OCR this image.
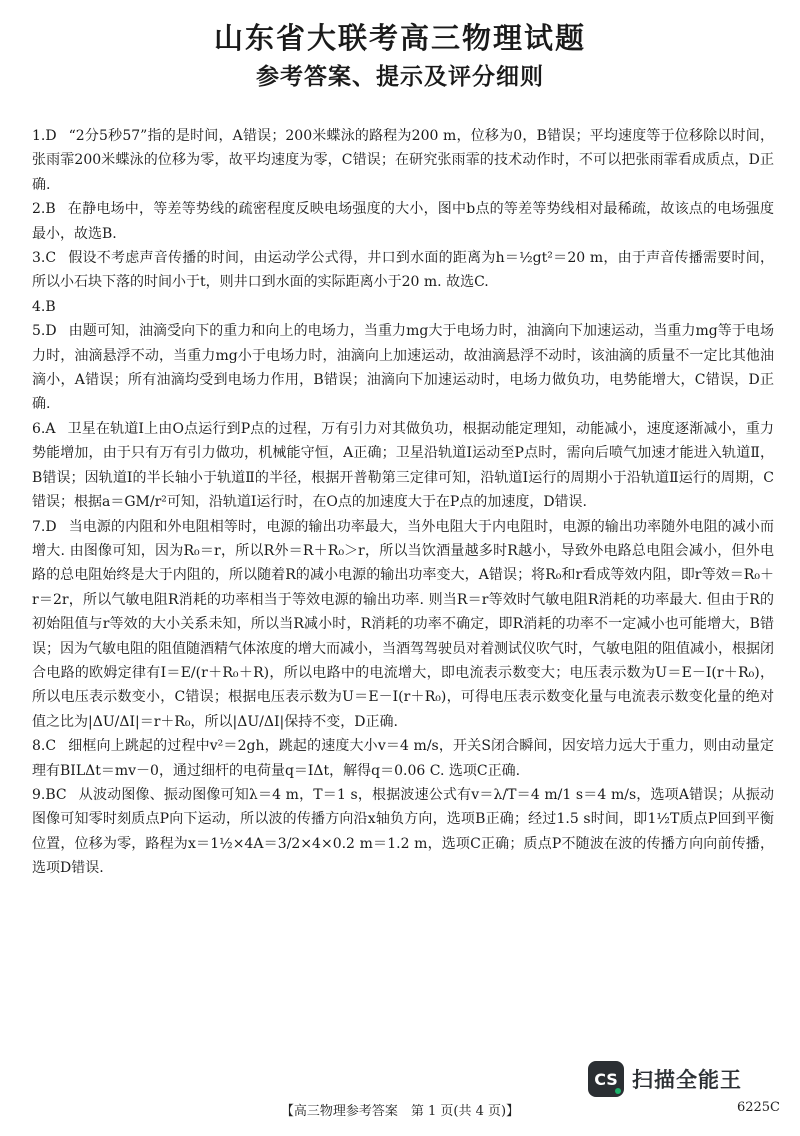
山东省大联考高三物理试题
参考答案、提示及评分细则

1.D “2分5秒57”指的是时间，A错误；200米蝶泳的路程为200 m，位移为0，B错误；平均速度等于位移除以时间，张雨霏200米蝶泳的位移为零，故平均速度为零，C错误；在研究张雨霏的技术动作时，不可以把张雨霏看成质点，D正确.

2.B 在静电场中，等差等势线的疏密程度反映电场强度的大小，图中b点的等差等势线相对最稀疏，故该点的电场强度最小，故选B.

3.C 假设不考虑声音传播的时间，由运动学公式得，井口到水面的距离为h＝½gt²＝20 m，由于声音传播需要时间，所以小石块下落的时间小于t，则井口到水面的实际距离小于20 m. 故选C.

4.B

5.D 由题可知，油滴受向下的重力和向上的电场力，当重力mg大于电场力时，油滴向下加速运动，当重力mg等于电场力时，油滴悬浮不动，当重力mg小于电场力时，油滴向上加速运动，故油滴悬浮不动时，该油滴的质量不一定比其他油滴小，A错误；所有油滴均受到电场力作用，B错误；油滴向下加速运动时，电场力做负功，电势能增大，C错误，D正确.

6.A 卫星在轨道Ⅰ上由O点运行到P点的过程，万有引力对其做负功，根据动能定理知，动能减小，速度逐渐减小，重力势能增加，由于只有万有引力做功，机械能守恒，A正确；卫星沿轨道Ⅰ运动至P点时，需向后喷气加速才能进入轨道Ⅱ，B错误；因轨道Ⅰ的半长轴小于轨道Ⅱ的半径，根据开普勒第三定律可知，沿轨道Ⅰ运行的周期小于沿轨道Ⅱ运行的周期，C错误；根据a＝GM/r²可知，沿轨道Ⅰ运行时，在O点的加速度大于在P点的加速度，D错误.

7.D 当电源的内阻和外电阻相等时，电源的输出功率最大，当外电阻大于内电阻时，电源的输出功率随外电阻的减小而增大. 由图像可知，因为R₀＝r，所以R外＝R＋R₀＞r，所以当饮酒量越多时R越小，导致外电路总电阻会减小，但外电路的总电阻始终是大于内阻的，所以随着R的减小电源的输出功率变大，A错误；将R₀和r看成等效内阻，即r等效＝R₀＋r＝2r，所以气敏电阻R消耗的功率相当于等效电源的输出功率. 则当R＝r等效时气敏电阻R消耗的功率最大. 但由于R的初始阻值与r等效的大小关系未知，所以当R减小时，R消耗的功率不确定，即R消耗的功率不一定减小也可能增大，B错误；因为气敏电阻的阻值随酒精气体浓度的增大而减小，当酒驾驾驶员对着测试仪吹气时，气敏电阻的阻值减小，根据闭合电路的欧姆定律有I＝E/(r＋R₀＋R)，所以电路中的电流增大，即电流表示数变大；电压表示数为U＝E－I(r＋R₀)，所以电压表示数变小，C错误；根据电压表示数为U＝E－I(r＋R₀)，可得电压表示数变化量与电流表示数变化量的绝对值之比为|ΔU/ΔI|＝r＋R₀，所以|ΔU/ΔI|保持不变，D正确.

8.C 细框向上跳起的过程中v²＝2gh，跳起的速度大小v＝4 m/s，开关S闭合瞬间，因安培力远大于重力，则由动量定理有BILΔt＝mv－0，通过细杆的电荷量q＝IΔt，解得q＝0.06 C. 选项C正确.

9.BC 从波动图像、振动图像可知λ＝4 m，T＝1 s，根据波速公式有v＝λ/T＝4 m/1 s＝4 m/s，选项A错误；从振动图像可知零时刻质点P向下运动，所以波的传播方向沿x轴负方向，选项B正确；经过1.5 s时间，即1½T质点P回到平衡位置，位移为零，路程为x＝1½×4A＝3/2×4×0.2 m＝1.2 m，选项C正确；质点P不随波在波的传播方向向前传播，选项D错误.

CS 扫描全能王
【高三物理参考答案　第 1 页(共 4 页)】	6225C
